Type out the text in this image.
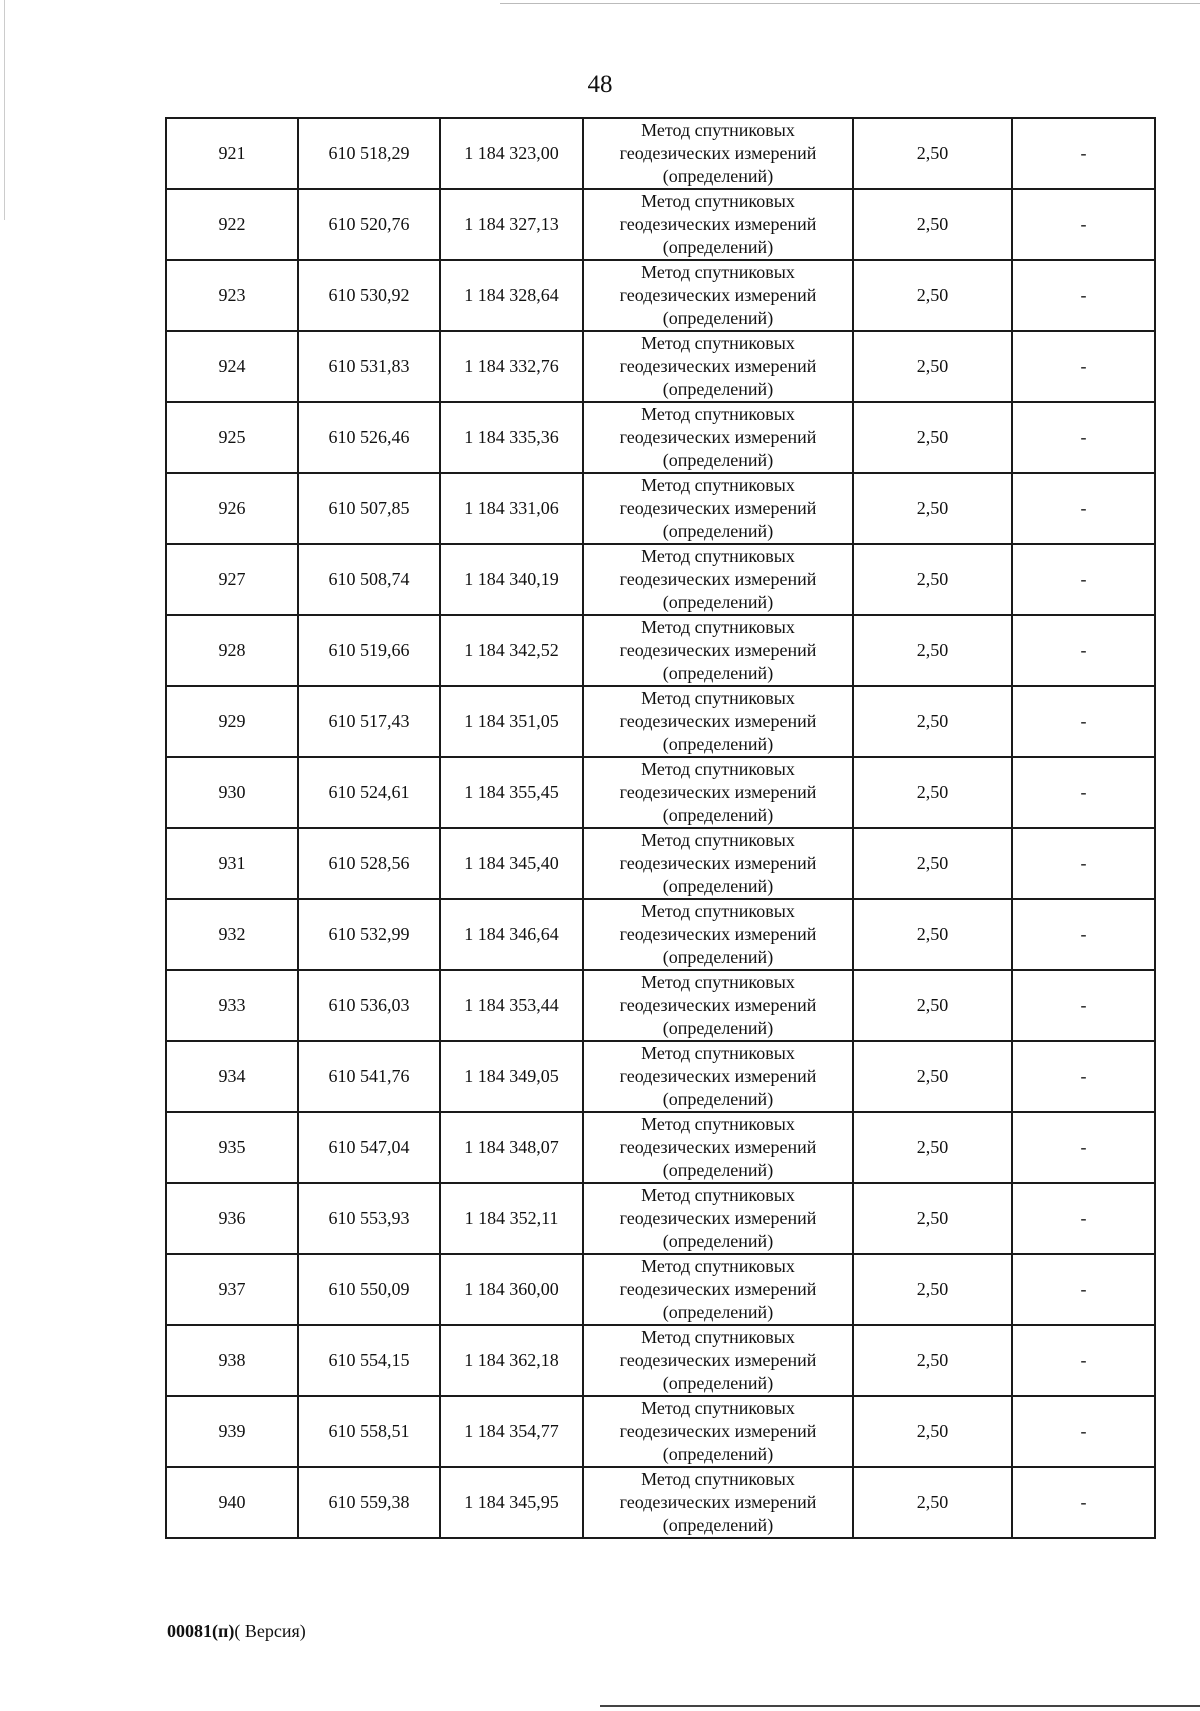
48
921	610 518,29	1 184 323,00	Метод спутниковых
геодезических измерений
(определений)	2,50	-
922	610 520,76	1 184 327,13	Метод спутниковых
геодезических измерений
(определений)	2,50	-
923	610 530,92	1 184 328,64	Метод спутниковых
геодезических измерений
(определений)	2,50	-
924	610 531,83	1 184 332,76	Метод спутниковых
геодезических измерений
(определений)	2,50	-
925	610 526,46	1 184 335,36	Метод спутниковых
геодезических измерений
(определений)	2,50	-
926	610 507,85	1 184 331,06	Метод спутниковых
геодезических измерений
(определений)	2,50	-
927	610 508,74	1 184 340,19	Метод спутниковых
геодезических измерений
(определений)	2,50	-
928	610 519,66	1 184 342,52	Метод спутниковых
геодезических измерений
(определений)	2,50	-
929	610 517,43	1 184 351,05	Метод спутниковых
геодезических измерений
(определений)	2,50	-
930	610 524,61	1 184 355,45	Метод спутниковых
геодезических измерений
(определений)	2,50	-
931	610 528,56	1 184 345,40	Метод спутниковых
геодезических измерений
(определений)	2,50	-
932	610 532,99	1 184 346,64	Метод спутниковых
геодезических измерений
(определений)	2,50	-
933	610 536,03	1 184 353,44	Метод спутниковых
геодезических измерений
(определений)	2,50	-
934	610 541,76	1 184 349,05	Метод спутниковых
геодезических измерений
(определений)	2,50	-
935	610 547,04	1 184 348,07	Метод спутниковых
геодезических измерений
(определений)	2,50	-
936	610 553,93	1 184 352,11	Метод спутниковых
геодезических измерений
(определений)	2,50	-
937	610 550,09	1 184 360,00	Метод спутниковых
геодезических измерений
(определений)	2,50	-
938	610 554,15	1 184 362,18	Метод спутниковых
геодезических измерений
(определений)	2,50	-
939	610 558,51	1 184 354,77	Метод спутниковых
геодезических измерений
(определений)	2,50	-
940	610 559,38	1 184 345,95	Метод спутниковых
геодезических измерений
(определений)	2,50	-
00081(п)( Версия)
